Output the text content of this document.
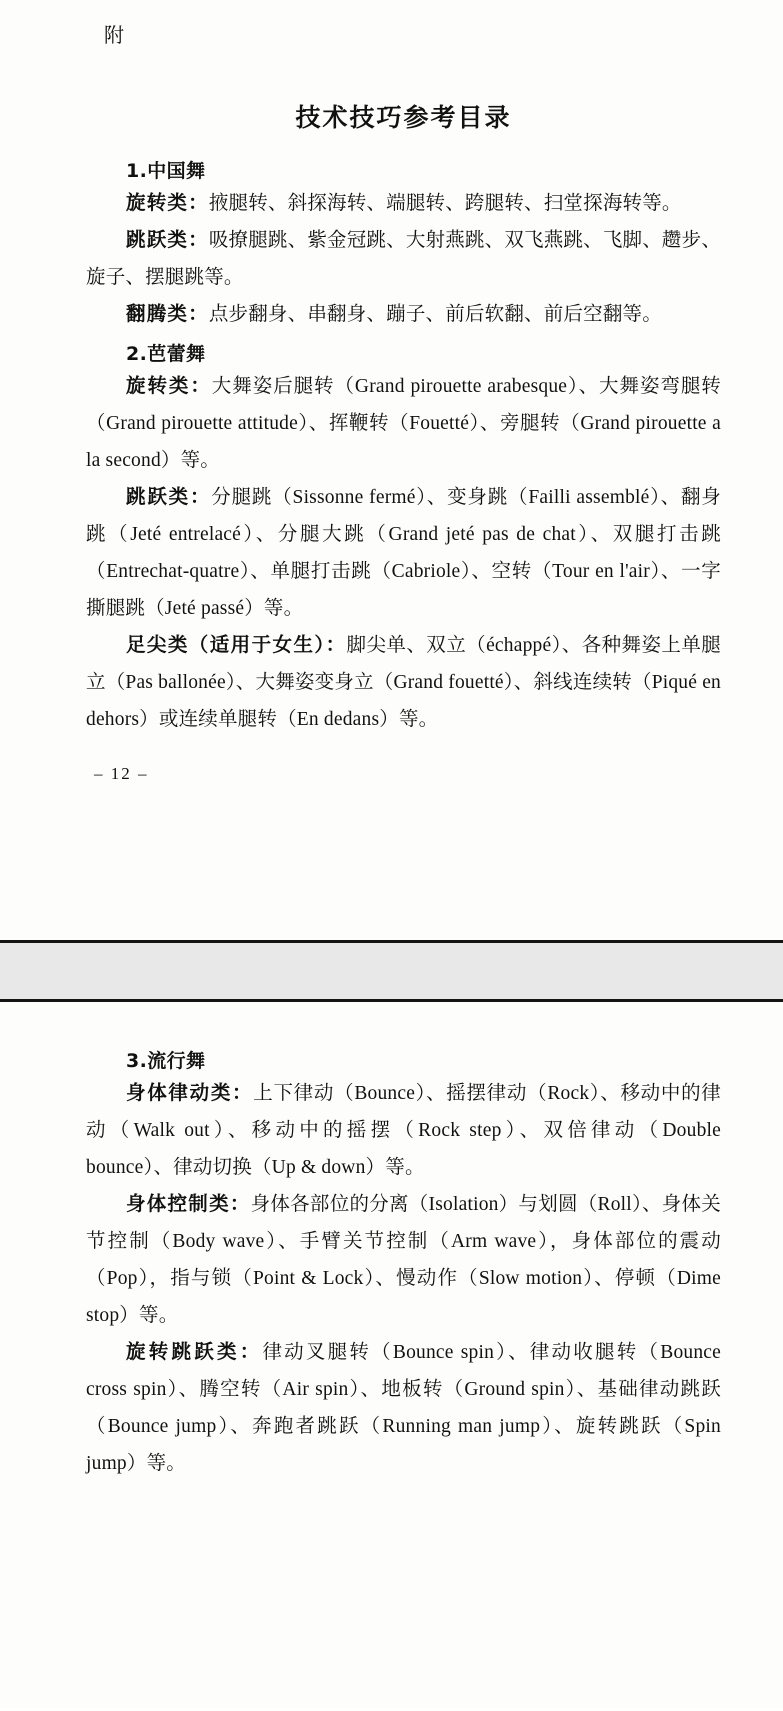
附
技术技巧参考目录
1.中国舞

旋转类：掖腿转、斜探海转、端腿转、跨腿转、扫堂探海转等。

跳跃类：吸撩腿跳、紫金冠跳、大射燕跳、双飞燕跳、飞脚、趱步、旋子、摆腿跳等。

翻腾类：点步翻身、串翻身、蹦子、前后软翻、前后空翻等。

2.芭蕾舞

旋转类：大舞姿后腿转（Grand pirouette arabesque）、大舞姿弯腿转（Grand pirouette attitude）、挥鞭转（Fouetté）、旁腿转（Grand pirouette a la second）等。

跳跃类：分腿跳（Sissonne fermé）、变身跳（Failli assemblé）、翻身跳（Jeté entrelacé）、分腿大跳（Grand jeté pas de chat）、双腿打击跳（Entrechat-quatre）、单腿打击跳（Cabriole）、空转（Tour en l'air）、一字撕腿跳（Jeté passé）等。

足尖类（适用于女生）：脚尖单、双立（échappé）、各种舞姿上单腿立（Pas ballonée）、大舞姿变身立（Grand fouetté）、斜线连续转（Piqué en dehors）或连续单腿转（En dedans）等。

– 12 –
3.流行舞

身体律动类：上下律动（Bounce）、摇摆律动（Rock）、移动中的律动（Walk out）、移动中的摇摆（Rock step）、双倍律动（Double bounce）、律动切换（Up & down）等。

身体控制类：身体各部位的分离（Isolation）与划圆（Roll）、身体关节控制（Body wave）、手臂关节控制（Arm wave），身体部位的震动（Pop），指与锁（Point & Lock）、慢动作（Slow motion）、停顿（Dime stop）等。

旋转跳跃类：律动叉腿转（Bounce spin）、律动收腿转（Bounce cross spin）、腾空转（Air spin）、地板转（Ground spin）、基础律动跳跃（Bounce jump）、奔跑者跳跃（Running man jump）、旋转跳跃（Spin jump）等。
